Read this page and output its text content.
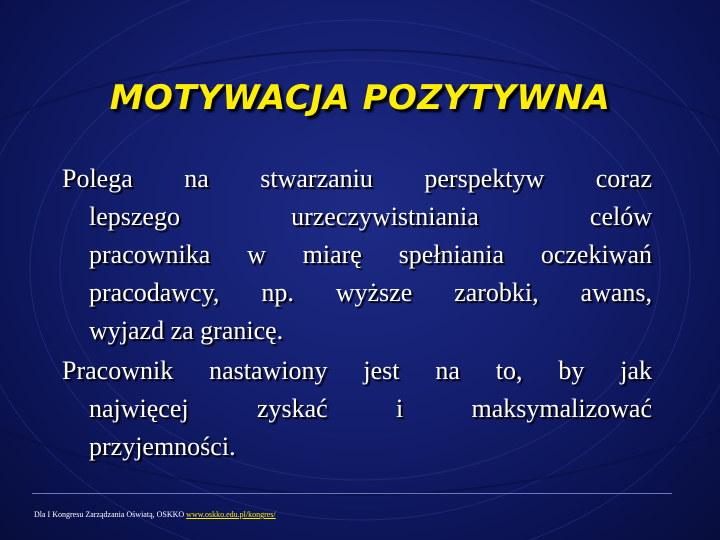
MOTYWACJA POZYTYWNA
Polega na stwarzaniu perspektyw coraz
lepszego urzeczywistniania celów
pracownika w miarę spełniania oczekiwań
pracodawcy, np. wyższe zarobki, awans,
wyjazd za granicę.
Pracownik nastawiony jest na to, by jak
najwięcej zyskać i maksymalizować
przyjemności.
Dla I Kongresu Zarządzania Oświatą, OSKKO www.oskko.edu.pl/kongres/
